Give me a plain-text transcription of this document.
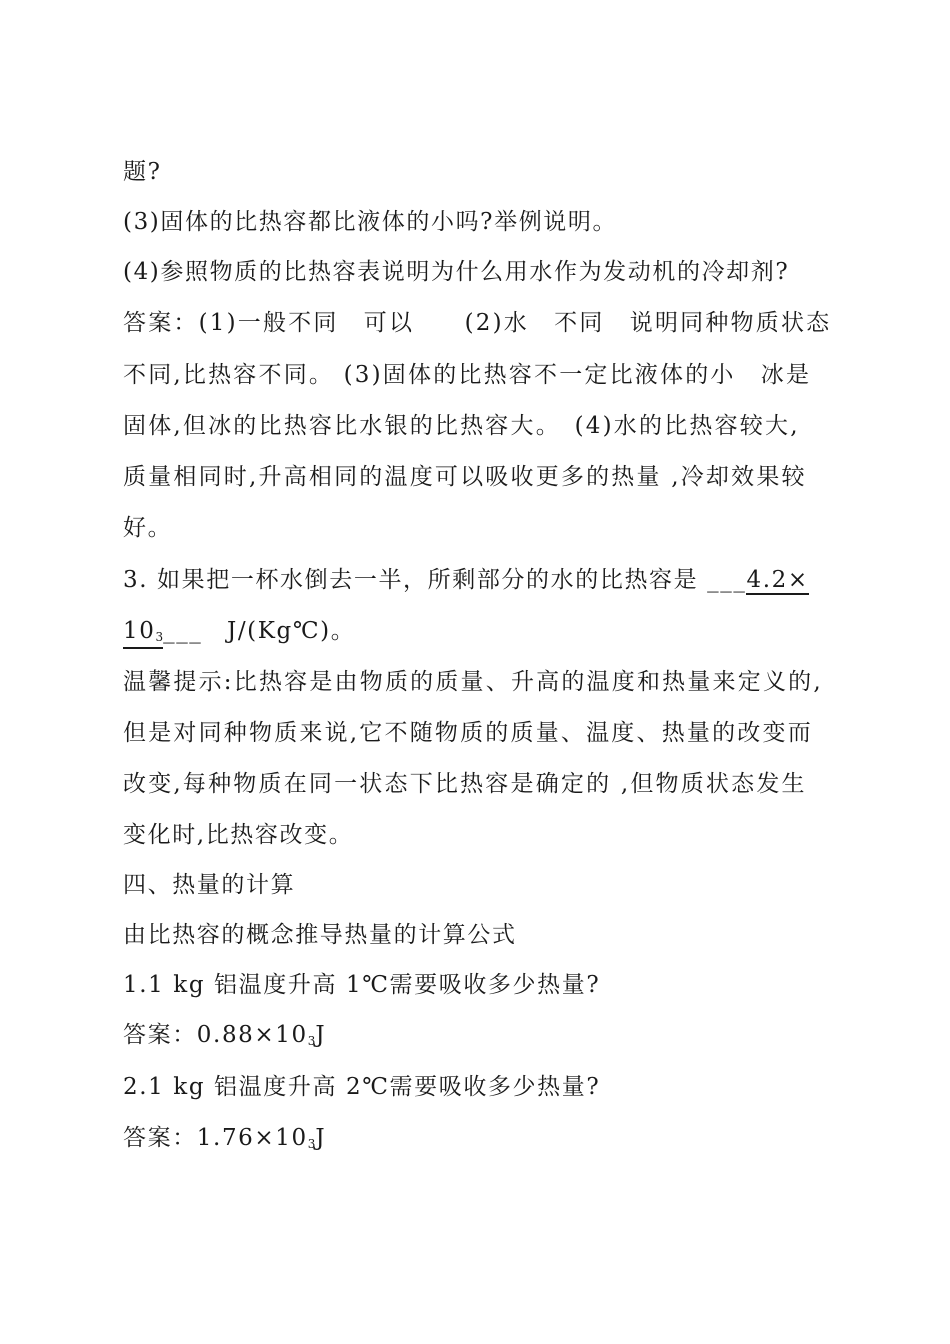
题?
(3)固体的比热容都比液体的小吗?举例说明。
(4)参照物质的比热容表说明为什么用水作为发动机的冷却剂?
答案：(1)一般不同　可以　　(2)水　不同　说明同种物质状态
不同,比热容不同。 (3)固体的比热容不一定比液体的小　冰是
固体,但冰的比热容比水银的比热容大。　(4)水的比热容较大,
质量相同时,升高相同的温度可以吸收更多的热量 ,冷却效果较
好。
3. 如果把一杯水倒去一半，所剩部分的水的比热容是 ___4.2×
$10^3\_\_\_$　J/(Kg℃)。
温馨提示:比热容是由物质的质量、升高的温度和热量来定义的,
但是对同种物质来说,它不随物质的质量、温度、热量的改变而
改变,每种物质在同一状态下比热容是确定的 ,但物质状态发生
变化时,比热容改变。
四、热量的计算
由比热容的概念推导热量的计算公式
1.1 kg 铝温度升高 1℃需要吸收多少热量?
答案：$0.88\times 10^3J$
2.1 kg 铝温度升高 2℃需要吸收多少热量?
答案：$1.76\times 10^3J$
